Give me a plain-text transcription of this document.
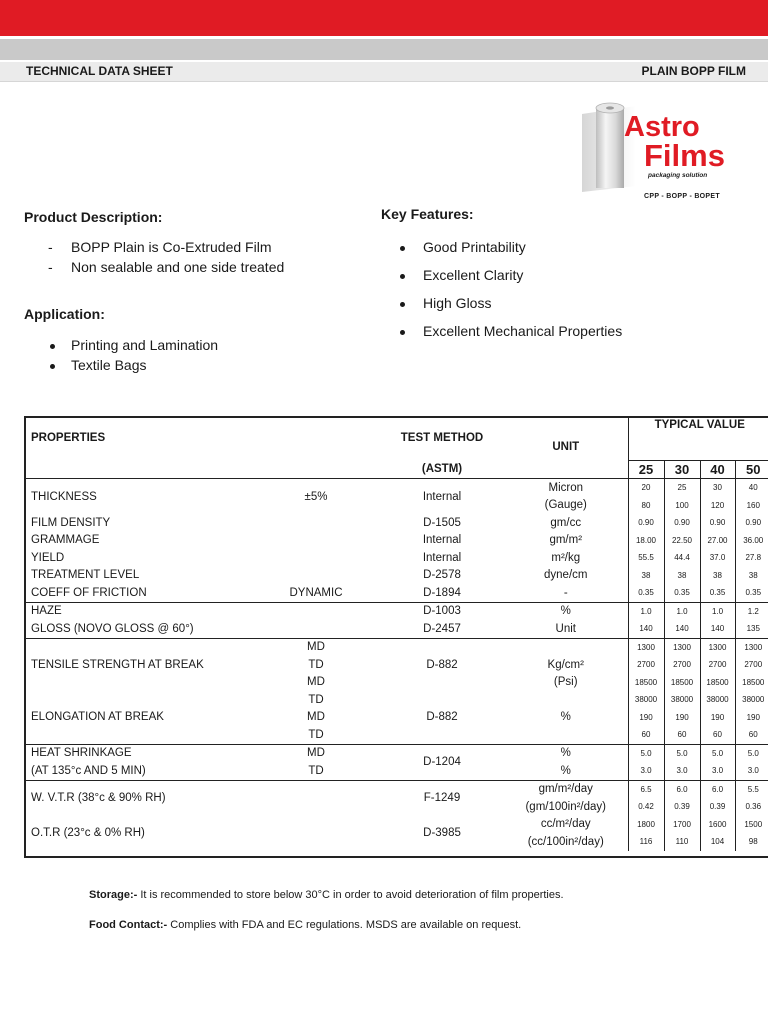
TECHNICAL DATA SHEET	PLAIN BOPP FILM
Astro
Films
packaging solution
CPP - BOPP - BOPET
Product Description:
- BOPP Plain is Co-Extruded Film
- Non sealable and one side treated
Key Features:
Good Printability
Excellent Clarity
High Gloss
Excellent Mechanical Properties
Application:
Printing and Lamination
Textile Bags
PROPERTIES		TEST METHOD	UNIT	TYPICAL VALUE			
		(ASTM)		25	30	40	50
THICKNESS	±5%	Internal	Micron	20	25	30	40
			(Gauge)	80	100	120	160
FILM DENSITY		D-1505	gm/cc	0.90	0.90	0.90	0.90
GRAMMAGE		Internal	gm/m²	18.00	22.50	27.00	36.00
YIELD		Internal	m²/kg	55.5	44.4	37.0	27.8
TREATMENT LEVEL		D-2578	dyne/cm	38	38	38	38
COEFF OF FRICTION	DYNAMIC	D-1894	-	0.35	0.35	0.35	0.35
HAZE		D-1003	%	1.0	1.0	1.0	1.2
GLOSS (NOVO GLOSS @ 60°)		D-2457	Unit	140	140	140	135
	MD			1300	1300	1300	1300
TENSILE STRENGTH AT BREAK	TD	D-882	Kg/cm²	2700	2700	2700	2700
	MD		(Psi)	18500	18500	18500	18500
	TD			38000	38000	38000	38000
ELONGATION AT BREAK	MD	D-882	%	190	190	190	190
	TD			60	60	60	60
HEAT SHRINKAGE	MD	D-1204	%	5.0	5.0	5.0	5.0
(AT 135°c AND 5 MIN)	TD		%	3.0	3.0	3.0	3.0
W. V.T.R (38°c & 90% RH)		F-1249	gm/m²/day	6.5	6.0	6.0	5.5
			(gm/100in²/day)	0.42	0.39	0.39	0.36
O.T.R (23°c & 0% RH)		D-3985	cc/m²/day	1800	1700	1600	1500
			(cc/100in²/day)	116	110	104	98
Storage:- It is recommended to store below 30°C in order to avoid deterioration of film properties.
Food Contact:- Complies with FDA and EC regulations. MSDS are available on request.
